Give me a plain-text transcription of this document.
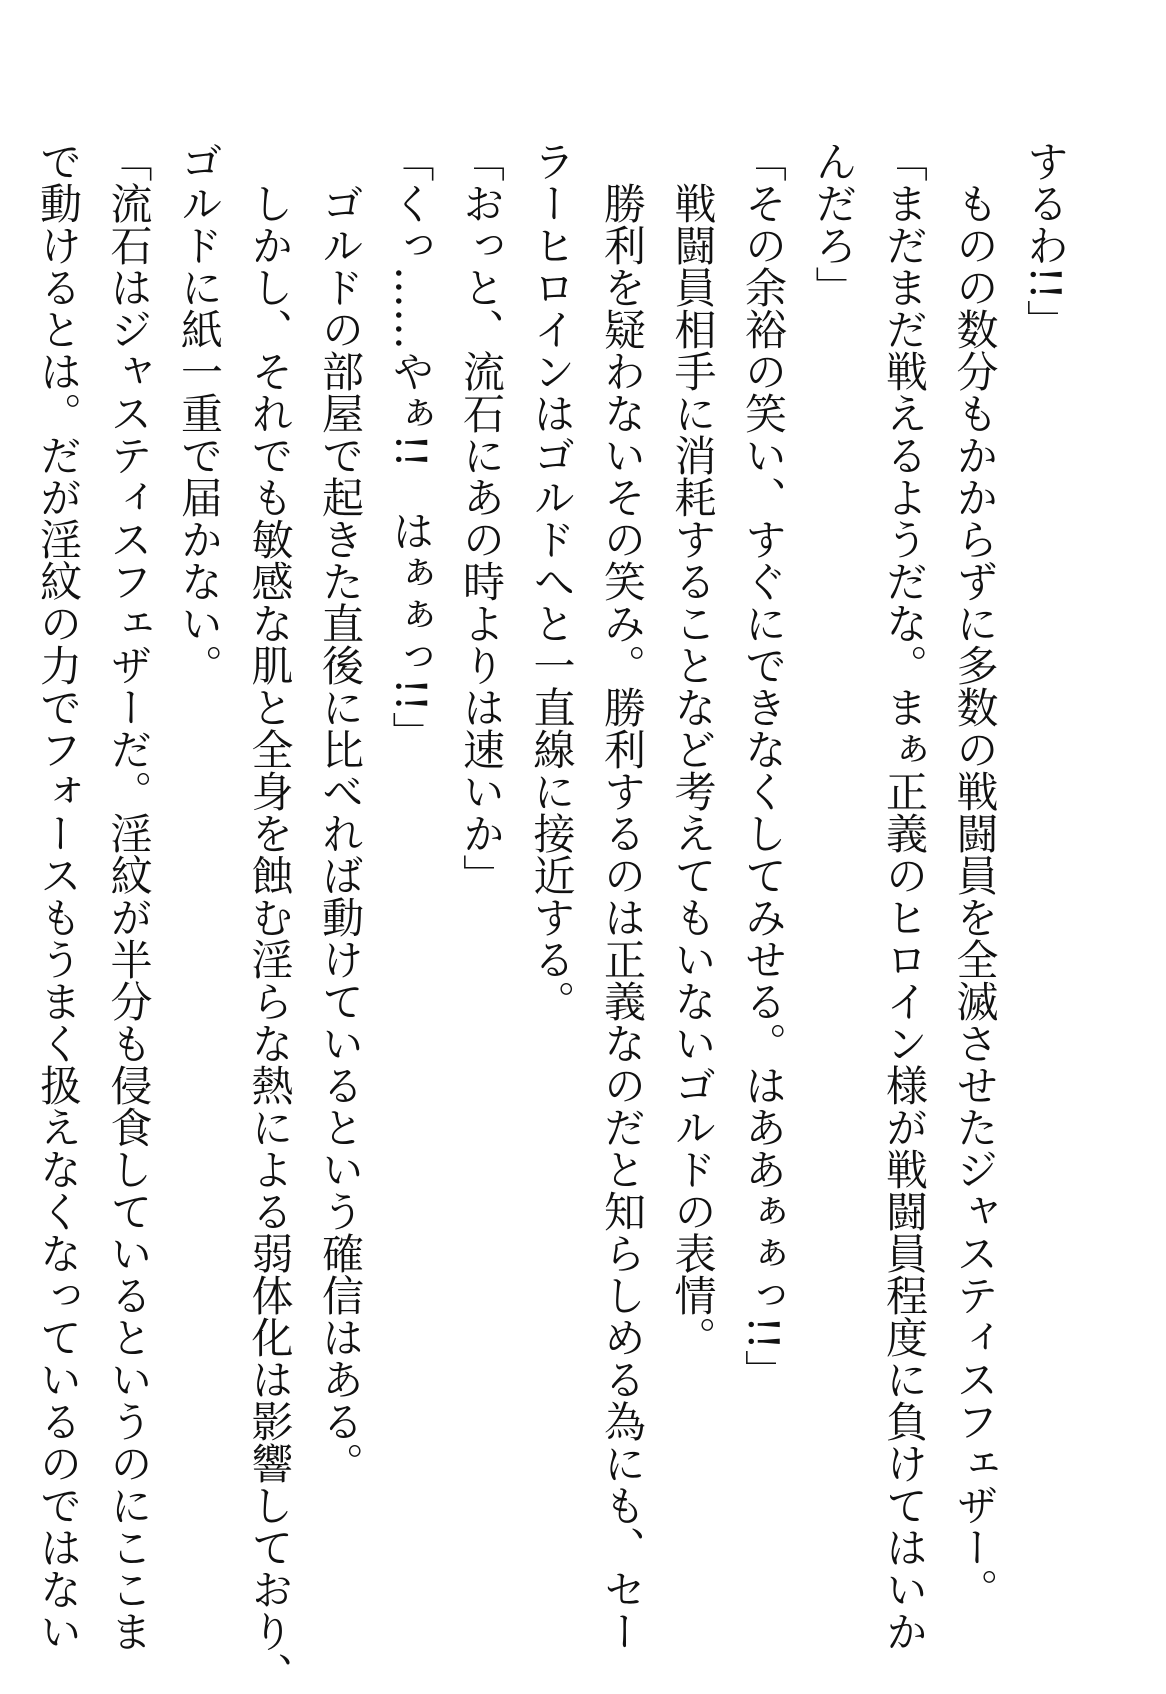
するわ!!」
　ものの数分もかからずに多数の戦闘員を全滅させたジャスティスフェザー。
「まだまだ戦えるようだな。まぁ正義のヒロイン様が戦闘員程度に負けてはいか
んだろ」
「その余裕の笑い、すぐにできなくしてみせる。はああぁぁっ!!」
　戦闘員相手に消耗することなど考えてもいないゴルドの表情。
　勝利を疑わないその笑み。勝利するのは正義なのだと知らしめる為にも、セー
ラーヒロインはゴルドへと一直線に接近する。
「おっと、流石にあの時よりは速いか」
「くっ……やぁ!!　はぁぁっ!!」
　ゴルドの部屋で起きた直後に比べれば動けているという確信はある。
　しかし、それでも敏感な肌と全身を蝕む淫らな熱による弱体化は影響しており、
ゴルドに紙一重で届かない。
「流石はジャスティスフェザーだ。淫紋が半分も侵食しているというのにここま
で動けるとは。だが淫紋の力でフォースもうまく扱えなくなっているのではない
